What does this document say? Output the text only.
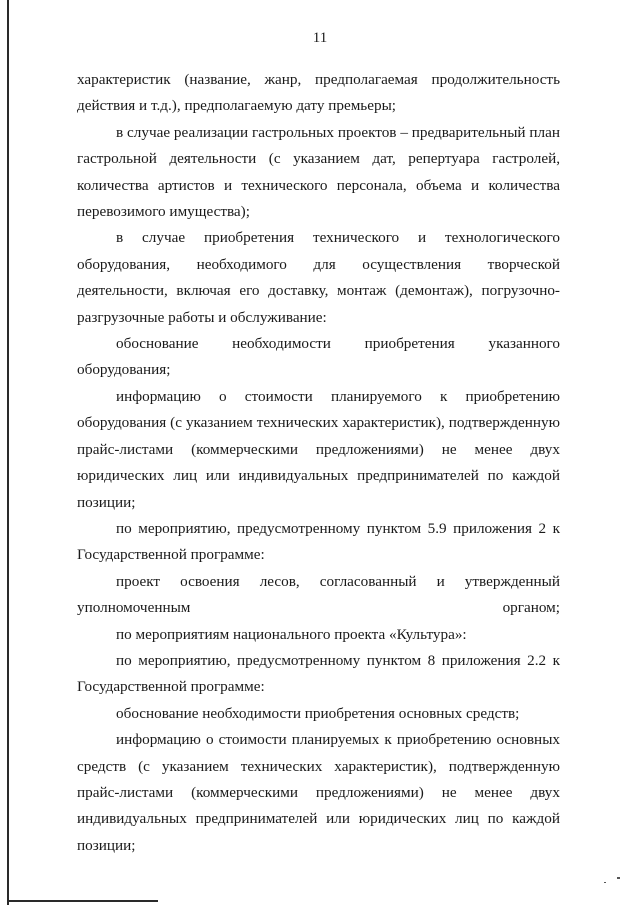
11

характеристик (название, жанр, предполагаемая продолжительность действия и т.д.), предполагаемую дату премьеры;

в случае реализации гастрольных проектов – предварительный план гастрольной деятельности (с указанием дат, репертуара гастролей, количества артистов и технического персонала, объема и количества перевозимого имущества);

в случае приобретения технического и технологического оборудования, необходимого для осуществления творческой деятельности, включая его доставку, монтаж (демонтаж), погрузочно-разгрузочные работы и обслуживание:

обоснование необходимости приобретения указанного оборудования;

информацию о стоимости планируемого к приобретению оборудования (с указанием технических характеристик), подтвержденную прайс-листами (коммерческими предложениями) не менее двух юридических лиц или индивидуальных предпринимателей по каждой позиции;

по мероприятию, предусмотренному пунктом 5.9 приложения 2 к Государственной программе:

проект освоения лесов, согласованный и утвержденный уполномоченным органом;

по мероприятиям национального проекта «Культура»:

по мероприятию, предусмотренному пунктом 8 приложения 2.2 к Государственной программе:

обоснование необходимости приобретения основных средств;

информацию о стоимости планируемых к приобретению основных средств (с указанием технических характеристик), подтвержденную прайс-листами (коммерческими предложениями) не менее двух индивидуальных предпринимателей или юридических лиц по каждой позиции;
